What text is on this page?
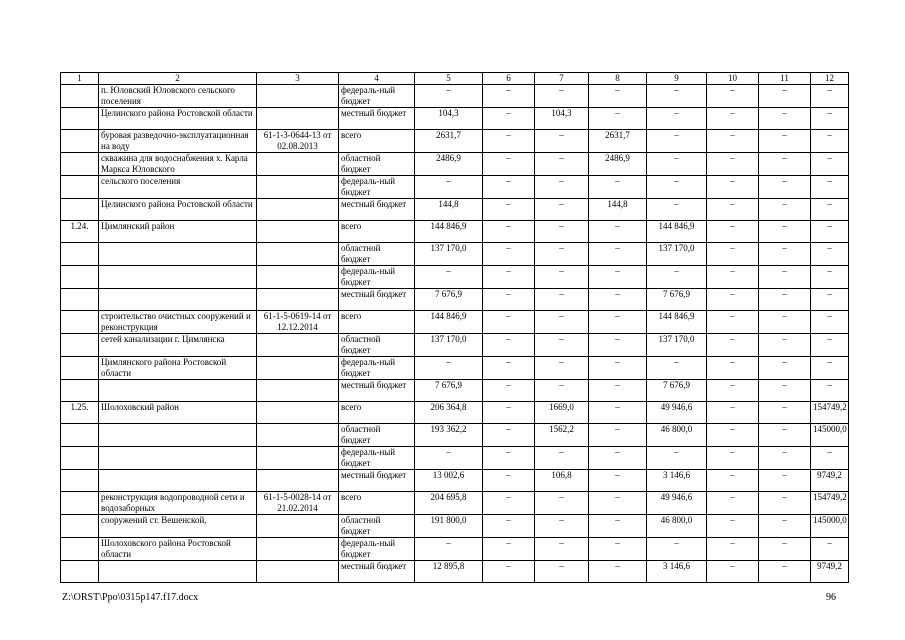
1	2	3	4	5	6	7	8	9	10	11	12
	п. Юловский Юловского сельского поселения		федераль-ный бюджет	–	–	–	–	–	–	–	–
	Целинского района Ростовской области		местный бюджет	104,3	–	104,3	–	–	–	–	–
	буровая разведочно-эксплуатационная на воду	61-1-3-0644-13 от 02.08.2013	всего	2631,7	–	–	2631,7	–	–	–	–
	скважина для водоснабжения х. Карла Маркса Юловского		областной бюджет	2486,9	–	–	2486,9	–	–	–	–
	сельского поселения		федераль-ный бюджет	–	–	–	–	–	–	–	–
	Целинского района Ростовской области		местный бюджет	144,8	–	–	144,8	–	–	–	–
1.24.	Цимлянский район		всего	144 846,9	–	–	–	144 846,9	–	–	–
			областной бюджет	137 170,0	–	–	–	137 170,0	–	–	–
			федераль-ный бюджет	–	–	–	–	–	–	–	–
			местный бюджет	7 676,9	–	–	–	7 676,9	–	–	–
	строительство очистных сооружений и реконструкция	61-1-5-0619-14 от 12.12.2014	всего	144 846,9	–	–	–	144 846,9	–	–	–
	сетей канализации г. Цимлянска		областной бюджет	137 170,0	–	–	–	137 170,0	–	–	–
	Цимлянского района Ростовской области		федераль-ный бюджет	–	–	–	–	–	–	–	–
			местный бюджет	7 676,9	–	–	–	7 676,9	–	–	–
1.25.	Шолоховский район		всего	206 364,8	–	1669,0	–	49 946,6	–	–	154749,2
			областной бюджет	193 362,2	–	1562,2	–	46 800,0	–	–	145000,0
			федераль-ный бюджет	–	–	–	–	–	–	–	–
			местный бюджет	13 002,6	–	106,8	–	3 146,6	–	–	9749,2
	реконструкция водопроводной сети и водозаборных	61-1-5-0028-14 от 21.02.2014	всего	204 695,8	–	–	–	49 946,6	–	–	154749,2
	сооружений ст. Вешенской,		областной бюджет	191 800,0	–	–	–	46 800,0	–	–	145000,0
	Шолоховского района Ростовской области		федераль-ный бюджет	–	–	–	–	–	–	–	–
			местный бюджет	12 895,8	–	–	–	3 146,6	–	–	9749,2
Z:\ORST\Ppo\0315p147.f17.docx	96
